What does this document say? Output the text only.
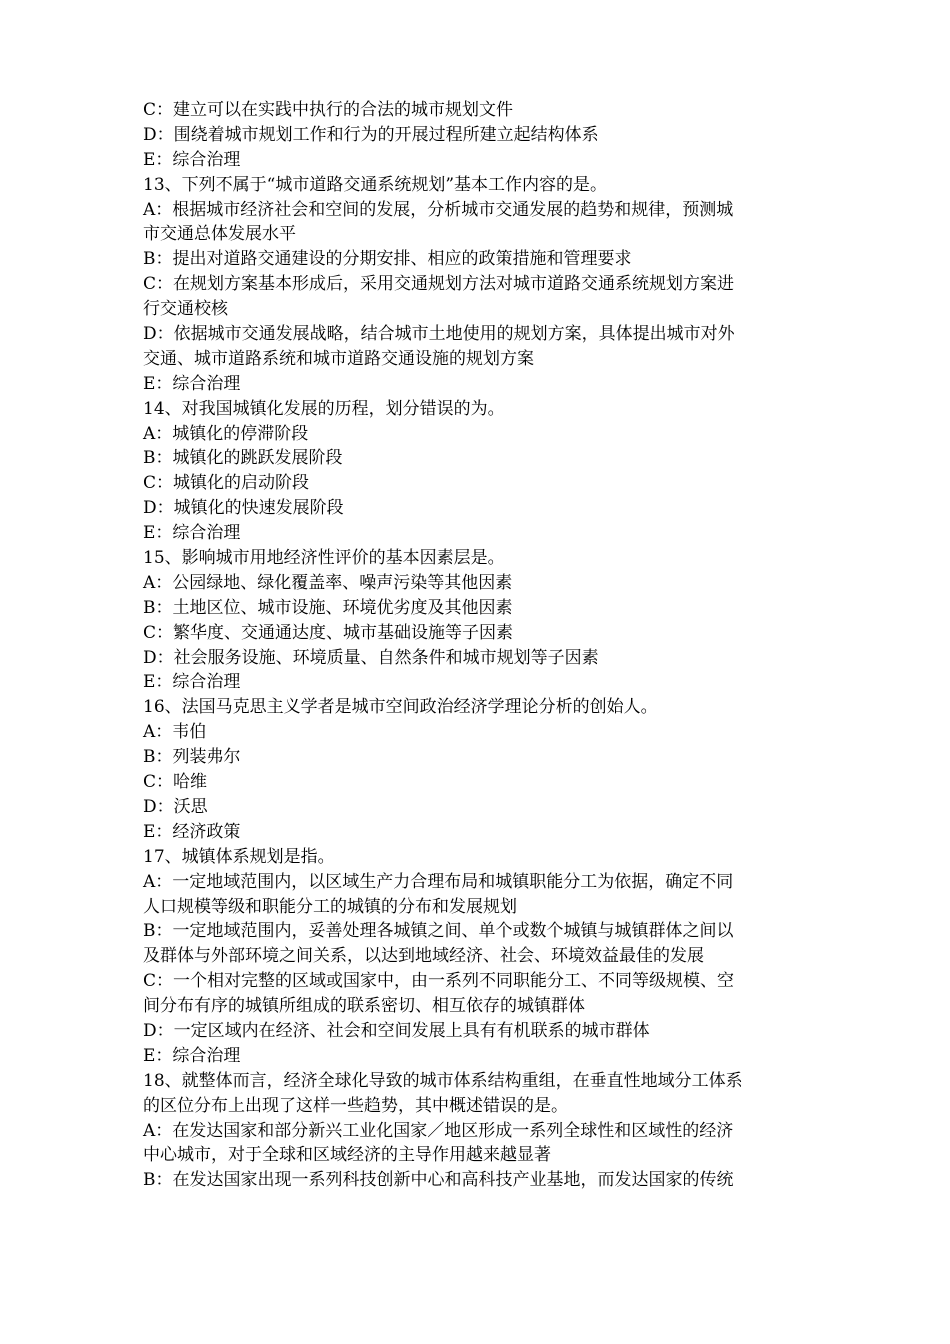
C：建立可以在实践中执行的合法的城市规划文件
D：围绕着城市规划工作和行为的开展过程所建立起结构体系
E：综合治理
13、下列不属于“城市道路交通系统规划”基本工作内容的是。
A：根据城市经济社会和空间的发展，分析城市交通发展的趋势和规律，预测城
市交通总体发展水平
B：提出对道路交通建设的分期安排、相应的政策措施和管理要求
C：在规划方案基本形成后，采用交通规划方法对城市道路交通系统规划方案进
行交通校核
D：依据城市交通发展战略，结合城市土地使用的规划方案，具体提出城市对外
交通、城市道路系统和城市道路交通设施的规划方案
E：综合治理
14、对我国城镇化发展的历程，划分错误的为。
A：城镇化的停滞阶段
B：城镇化的跳跃发展阶段
C：城镇化的启动阶段
D：城镇化的快速发展阶段
E：综合治理
15、影响城市用地经济性评价的基本因素层是。
A：公园绿地、绿化覆盖率、噪声污染等其他因素
B：土地区位、城市设施、环境优劣度及其他因素
C：繁华度、交通通达度、城市基础设施等子因素
D：社会服务设施、环境质量、自然条件和城市规划等子因素
E：综合治理
16、法国马克思主义学者是城市空间政治经济学理论分析的创始人。
A：韦伯
B：列装弗尔
C：哈维
D：沃思
E：经济政策
17、城镇体系规划是指。
A：一定地域范围内，以区域生产力合理布局和城镇职能分工为依据，确定不同
人口规模等级和职能分工的城镇的分布和发展规划
B：一定地域范围内，妥善处理各城镇之间、单个或数个城镇与城镇群体之间以
及群体与外部环境之间关系，以达到地域经济、社会、环境效益最佳的发展
C：一个相对完整的区域或国家中，由一系列不同职能分工、不同等级规模、空
间分布有序的城镇所组成的联系密切、相互依存的城镇群体
D：一定区域内在经济、社会和空间发展上具有有机联系的城市群体
E：综合治理
18、就整体而言，经济全球化导致的城市体系结构重组，在垂直性地域分工体系
的区位分布上出现了这样一些趋势，其中概述错误的是。
A：在发达国家和部分新兴工业化国家／地区形成一系列全球性和区域性的经济
中心城市，对于全球和区域经济的主导作用越来越显著
B：在发达国家出现一系列科技创新中心和高科技产业基地，而发达国家的传统
